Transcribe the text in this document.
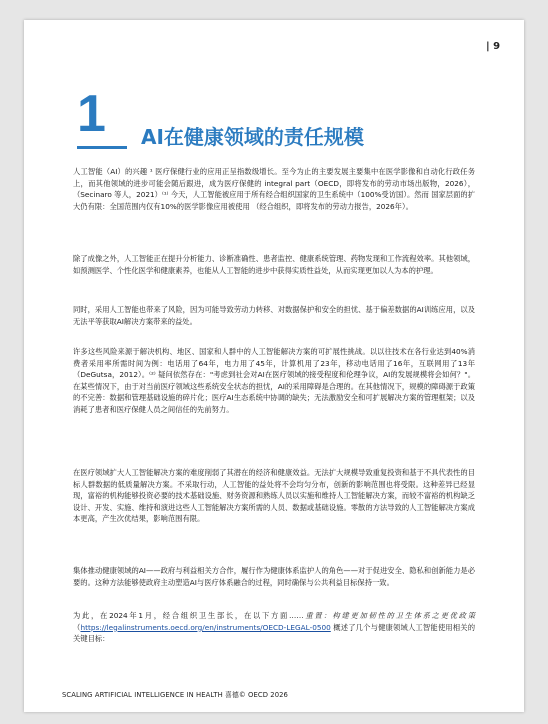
| 9
1 AI在健康领域的责任规模

人工智能（AI）的兴趣 ¹ 医疗保健行业的应用正呈指数级增长。至今为止的主要发展主要集中在医学影像和自动化行政任务上，而其他领域的进步可能会随后跟进，成为医疗保健的 integral part（OECD，即将发布的劳动市场出版物，2026），（Secinaro 等人，2021）⁽¹⁾ 今天，人工智能被应用于所有经合组织国家的卫生系统中（100%受访国）。然而 国家层面的扩大仍有限：全国范围内仅有10%的医学影像应用被使用 （经合组织，即将发布的劳动力报告，2026年）。

除了成像之外，人工智能正在提升分析能力、诊断准确性、患者监控、健康系统管理、药物发现和工作流程效率。其他领域，如预测医学、个性化医学和健康素养，也能从人工智能的进步中获得实质性益处，从而实现更加以人为本的护理。

同时，采用人工智能也带来了风险，因为可能导致劳动力转移、对数据保护和安全的担忧、基于偏差数据的AI训练应用，以及无法平等获取AI解决方案带来的益处。

许多这些风险来源于解决机构、地区、国家和人群中的人工智能解决方案的可扩展性挑战。以以往技术在各行业达到40%消费者采用率所需时间为例：电话用了64年，电力用了45年，计算机用了23年，移动电话用了16年，互联网用了13年（DeGutsa，2012）。⁽²⁾ 疑问依然存在："考虑到社会对AI在医疗领域的接受程度和伦理争议，AI的发展规模将会如何？"。在某些情况下，由于对当前医疗领域这些系统安全状态的担忧，AI的采用障碍是合理的。在其他情况下，规模的障碍源于政策的不完善：数据和管理基础设施的碎片化；医疗AI生态系统中协调的缺失；无法激励安全和可扩展解决方案的管理框架；以及消耗了患者和医疗保健人员之间信任的先前努力。

在医疗领域扩大人工智能解决方案的难度削弱了其潜在的经济和健康效益。无法扩大规模导致重复投资和基于不具代表性的目标人群数据的低质量解决方案。不采取行动，人工智能的益处将不会均匀分布，创新的影响范围也将受限。这种差异已经显现，富裕的机构能够投资必要的技术基础设施、财务资源和熟练人员以实施和维持人工智能解决方案，而较不富裕的机构缺乏设计、开发、实施、维持和演进这些人工智能解决方案所需的人员、数据或基础设施。零散的方法导致的人工智能解决方案成本更高，产生次优结果，影响范围有限。

集体推动健康领域的AI——政府与利益相关方合作，履行作为健康体系监护人的角色——对于促进安全、隐私和创新能力是必要的。这种方法能够使政府主动塑造AI与医疗体系融合的过程，同时确保与公共利益目标保持一致。

为此，在2024年1月，经合组织卫生部长，在以下方面……重置：构建更加韧性的卫生体系之更优政策（https://legalinstruments.oecd.org/en/instruments/OECD-LEGAL-0500 概述了几个与健康领域人工智能使用相关的关键目标：

SCALING ARTIFICIAL INTELLIGENCE IN HEALTH 喜德© OECD 2026
